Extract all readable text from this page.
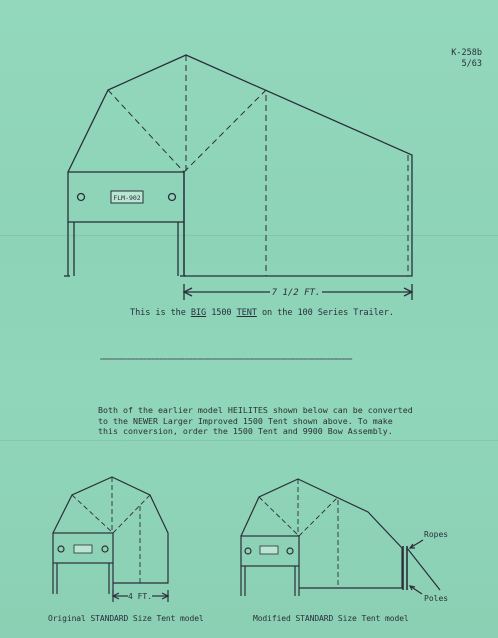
K-258b
5/63
FLM-902
7 1/2 FT.
4 FT.
Ropes
Poles
This is the BIG 1500 TENT on the 100 Series Trailer.
=============================================================================================
Both of the earlier model HEILITES shown below can be converted
to the NEWER Larger Improved 1500 Tent shown above. To make
this conversion, order the 1500 Tent and 9900 Bow Assembly.
Original STANDARD Size Tent model	Modified STANDARD Size Tent model
